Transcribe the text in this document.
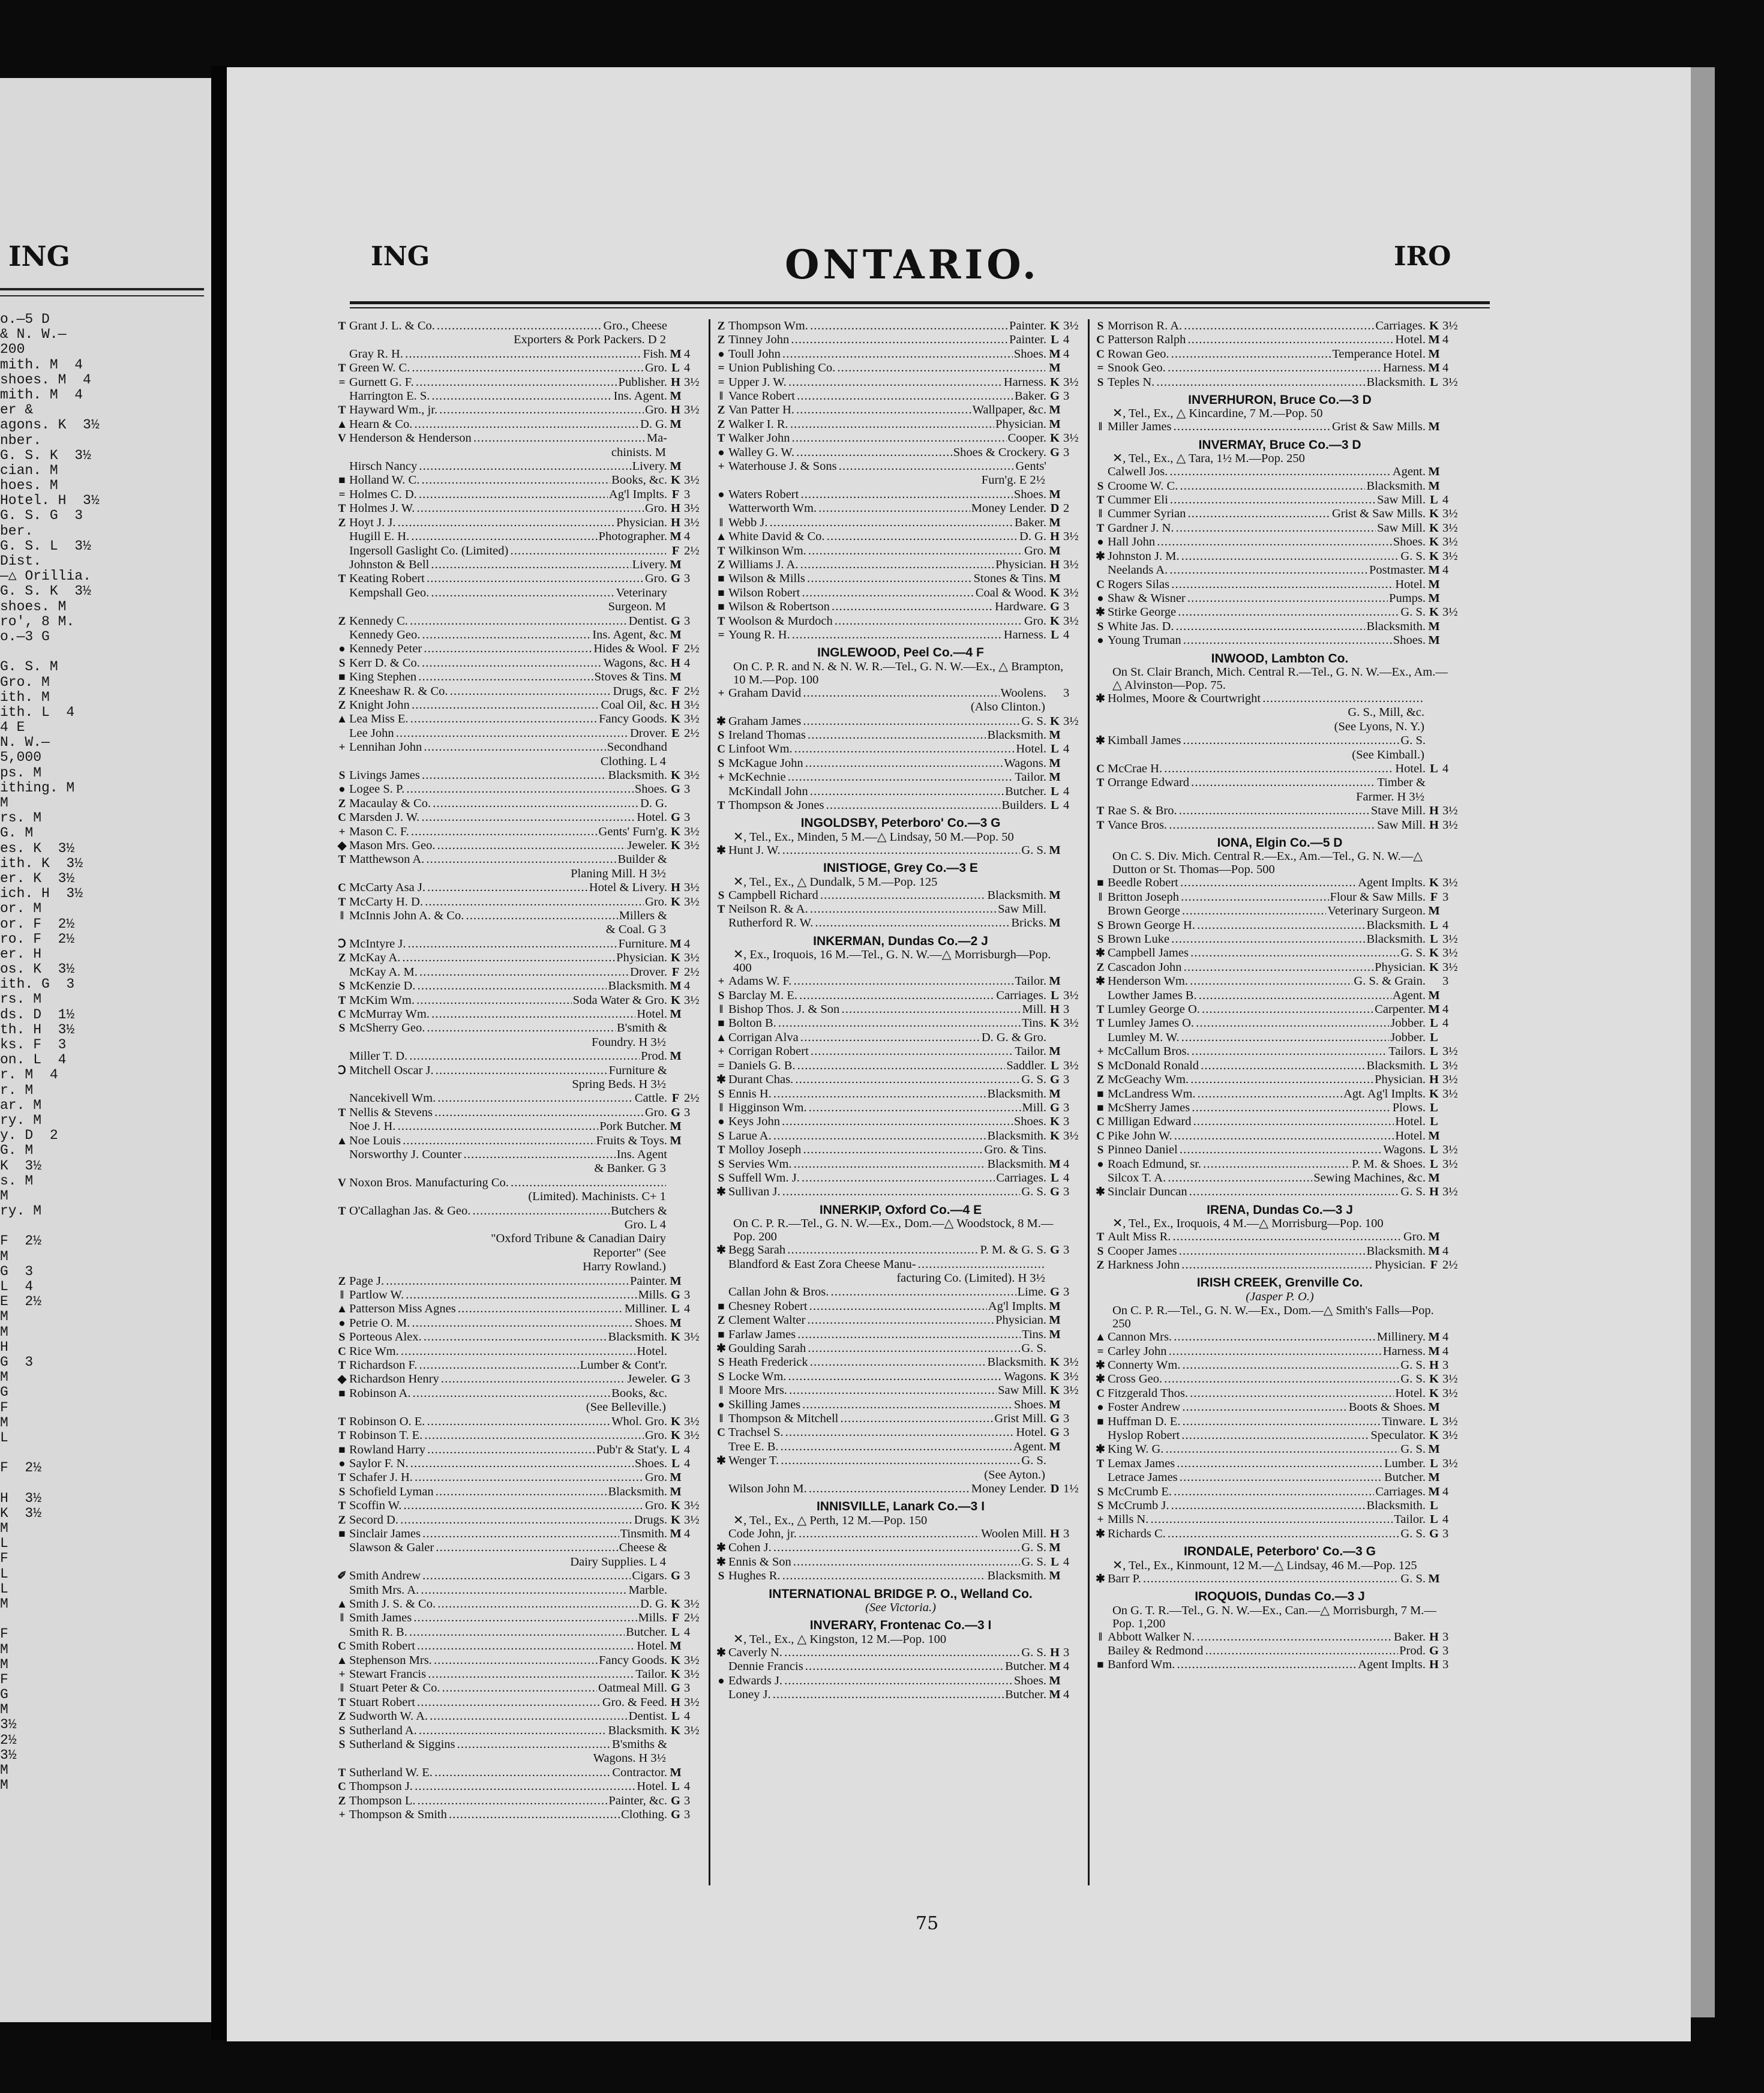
ING
o.—5 D
& N. W.—
200
mith. M  4
shoes. M  4
mith. M  4
er &
agons. K  3½
nber.
G. S. K  3½
cian. M
hoes. M
Hotel. H  3½
G. S. G  3
ber.
G. S. L  3½
Dist.
—△ Orillia.
G. S. K  3½
shoes. M
ro', 8 M.
o.—3 G
G. S. M
Gro. M
ith. M
ith. L  4
4 E
N. W.—
5,000
ps. M
ithing. M
M
rs. M
G. M
es. K  3½
ith. K  3½
er. K  3½
ich. H  3½
or. M
or. F  2½
ro. F  2½
er. H
os. K  3½
ith. G  3
rs. M
ds. D  1½
th. H  3½
ks. F  3
on. L  4
r. M  4
r. M
ar. M
ry. M
y. D  2
G. M
K  3½
s. M
M
ry. M
F  2½
M
G  3
L  4
E  2½
M
M
H
G  3
M
G
F
M
L
F  2½
H  3½
K  3½
M
L
F
L
L
M
F
M
M
F
G
M
3½
2½
3½
M
M
ING	ONTARIO.	IRO
T Grant J. L. & Co. . . .	Gro., Cheese
Exporters & Pork Packers. D 2
Gray R. H. . . .	Fish. M 4
T Green W. C. . . .	Gro. L 4
= Gurnett G. F. . . .	Publisher. H 3½
Harrington E. S. . . .	Ins. Agent. M
T Hayward Wm., jr. . . .	Gro. H 3½
▲ Hearn & Co. . . .	D. G. M
V Henderson & Henderson . . .	Ma-
chinists. M
Hirsch Nancy . . .	Livery. M
■ Holland W. C. . . .	Books, &c. K 3½
= Holmes C. D. . . .	Ag'l Implts. F 3
T Holmes J. W. . . .	Gro. H 3½
Z Hoyt J. J. . . .	Physician. H 3½
Hugill E. H. . . .	Photographer. M 4
Ingersoll Gaslight Co. (Limited) . . .	F 2½
Johnston & Bell . . .	Livery. M
T Keating Robert . . .	Gro. G 3
Kempshall Geo. . . .	Veterinary
Surgeon. M
Z Kennedy C. . . .	Dentist. G 3
Kennedy Geo. . . .	Ins. Agent, &c. M
● Kennedy Peter . . .	Hides & Wool. F 2½
S Kerr D. & Co. . . .	Wagons, &c. H 4
■ King Stephen . . .	Stoves & Tins. M
Z Kneeshaw R. & Co. . . .	Drugs, &c. F 2½
Z Knight John . . .	Coal Oil, &c. H 3½
▲ Lea Miss E. . . .	Fancy Goods. K 3½
Lee John . . .	Drover. E 2½
+ Lennihan John . . .	Secondhand
Clothing. L 4
S Livings James . . .	Blacksmith. K 3½
● Logee S. P. . . .	Shoes. G 3
Z Macaulay & Co. . . .	D. G.
C Marsden J. W. . . .	Hotel. G 3
+ Mason C. F. . . .	Gents' Furn'g. K 3½
◆ Mason Mrs. Geo. . . .	Jeweler. K 3½
T Matthewson A. . . .	Builder &
Planing Mill. H 3½
C McCarty Asa J. . . .	Hotel & Livery. H 3½
T McCarty H. D. . . .	Gro. K 3½
‖ McInnis John A. & Co. . . .	Millers &
& Coal. G 3
Ↄ McIntyre J. . . .	Furniture. M 4
Z McKay A. . . .	Physician. K 3½
McKay A. M. . . .	Drover. F 2½
S McKenzie D. . . .	Blacksmith. M 4
T McKim Wm. . . .	Soda Water & Gro. K 3½
C McMurray Wm. . . .	Hotel. M
S McSherry Geo. . . .	B'smith &
Foundry. H 3½
Miller T. D. . . .	Prod. M
Ↄ Mitchell Oscar J. . . .	Furniture &
Spring Beds. H 3½
Nancekivell Wm. . . .	Cattle. F 2½
T Nellis & Stevens . . .	Gro. G 3
Noe J. H. . . .	Pork Butcher. M
▲ Noe Louis . . .	Fruits & Toys. M
Norsworthy J. Counter . . .	Ins. Agent
& Banker. G 3
V Noxon Bros. Manufacturing Co. . . .
(Limited). Machinists. C+ 1
T O'Callaghan Jas. & Geo. . . .	Butchers &
Gro. L 4
"Oxford Tribune & Canadian Dairy
Reporter" (See
Harry Rowland.)
Z Page J. . . .	Painter. M
‖ Partlow W. . . .	Mills. G 3
▲ Patterson Miss Agnes . . .	Milliner. L 4
● Petrie O. M. . . .	Shoes. M
S Porteous Alex. . . .	Blacksmith. K 3½
C Rice Wm. . . .	Hotel.
T Richardson F. . . .	Lumber & Cont'r.
◆ Richardson Henry . . .	Jeweler. G 3
■ Robinson A. . . .	Books, &c.
(See Belleville.)
T Robinson O. E. . . .	Whol. Gro. K 3½
T Robinson T. E. . . .	Gro. K 3½
■ Rowland Harry . . .	Pub'r & Stat'y. L 4
● Saylor F. N. . . .	Shoes. L 4
T Schafer J. H. . . .	Gro. M
S Schofield Lyman . . .	Blacksmith. M
T Scoffin W. . . .	Gro. K 3½
Z Secord D. . . .	Drugs. K 3½
■ Sinclair James . . .	Tinsmith. M 4
Slawson & Galer . . .	Cheese &
Dairy Supplies. L 4
✐ Smith Andrew . . .	Cigars. G 3
Smith Mrs. A. . . .	Marble.
▲ Smith J. S. & Co. . . .	D. G. K 3½
‖ Smith James . . .	Mills. F 2½
Smith R. B. . . .	Butcher. L 4
C Smith Robert . . .	Hotel. M
▲ Stephenson Mrs. . . .	Fancy Goods. K 3½
+ Stewart Francis . . .	Tailor. K 3½
‖ Stuart Peter & Co. . . .	Oatmeal Mill. G 3
T Stuart Robert . . .	Gro. & Feed. H 3½
Z Sudworth W. A. . . .	Dentist. L 4
S Sutherland A. . . .	Blacksmith. K 3½
S Sutherland & Siggins . . .	B'smiths &
Wagons. H 3½
T Sutherland W. E. . . .	Contractor. M
C Thompson J. . . .	Hotel. L 4
Z Thompson L. . . .	Painter, &c. G 3
+ Thompson & Smith . . .	Clothing. G 3
Z Thompson Wm. . . .	Painter. K 3½
Z Tinney John . . .	Painter. L 4
● Toull John . . .	Shoes. M 4
= Union Publishing Co. . . .	M
= Upper J. W. . . .	Harness. K 3½
‖ Vance Robert . . .	Baker. G 3
Z Van Patter H. . . .	Wallpaper, &c. M
Z Walker I. R. . . .	Physician. M
T Walker John . . .	Cooper. K 3½
● Walley G. W. . . .	Shoes & Crockery. G 3
+ Waterhouse J. & Sons . . .	Gents'
Furn'g. E 2½
● Waters Robert . . .	Shoes. M
Watterworth Wm. . . .	Money Lender. D 2
‖ Webb J. . . .	Baker. M
▲ White David & Co. . . .	D. G. H 3½
T Wilkinson Wm. . . .	Gro. M
Z Williams J. A. . . .	Physician. H 3½
■ Wilson & Mills . . .	Stones & Tins. M
■ Wilson Robert . . .	Coal & Wood. K 3½
■ Wilson & Robertson . . .	Hardware. G 3
T Woolson & Murdoch . . .	Gro. K 3½
= Young R. H. . . .	Harness. L 4
INGLEWOOD, Peel Co.—4 F
On C. P. R. and N. & N. W. R.—Tel., G. N. W.—Ex., △ Brampton, 10 M.—Pop. 100
+ Graham David . . .	Woolens. 3
(Also Clinton.)
✱ Graham James . . .	G. S. K 3½
S Ireland Thomas . . .	Blacksmith. M
C Linfoot Wm. . . .	Hotel. L 4
S McKague John . . .	Wagons. M
+ McKechnie . . .	Tailor. M
McKindall John . . .	Butcher. L 4
T Thompson & Jones . . .	Builders. L 4
INGOLDSBY, Peterboro' Co.—3 G
✕, Tel., Ex., Minden, 5 M.—△ Lindsay, 50 M.—Pop. 50
✱ Hunt J. W. . . .	G. S. M
INISTIOGE, Grey Co.—3 E
✕, Tel., Ex., △ Dundalk, 5 M.—Pop. 125
S Campbell Richard . . .	Blacksmith. M
T Neilson R. & A. . . .	Saw Mill.
Rutherford R. W. . . .	Bricks. M
INKERMAN, Dundas Co.—2 J
✕, Ex., Iroquois, 16 M.—Tel., G. N. W.—△ Morrisburgh—Pop. 400
+ Adams W. F. . . .	Tailor. M
S Barclay M. E. . . .	Carriages. L 3½
‖ Bishop Thos. J. & Son . . .	Mill. H 3
■ Bolton B. . . .	Tins. K 3½
▲ Corrigan Alva . . .	D. G. & Gro.
+ Corrigan Robert . . .	Tailor. M
= Daniels G. B. . . .	Saddler. L 3½
✱ Durant Chas. . . .	G. S. G 3
S Ennis H. . . .	Blacksmith. M
‖ Higginson Wm. . . .	Mill. G 3
● Keys John . . .	Shoes. K 3
S Larue A. . . .	Blacksmith. K 3½
T Molloy Joseph . . .	Gro. & Tins.
S Servies Wm. . . .	Blacksmith. M 4
S Suffell Wm. J. . . .	Carriages. L 4
✱ Sullivan J. . . .	G. S. G 3
INNERKIP, Oxford Co.—4 E
On C. P. R.—Tel., G. N. W.—Ex., Dom.—△ Woodstock, 8 M.—Pop. 200
✱ Begg Sarah . . .	P. M. & G. S. G 3
Blandford & East Zora Cheese Manu- . . .
facturing Co. (Limited). H 3½
Callan John & Bros. . . .	Lime. G 3
■ Chesney Robert . . .	Ag'l Implts. M
Z Clement Walter . . .	Physician. M
■ Farlaw James . . .	Tins. M
✱ Goulding Sarah . . .	G. S.
S Heath Frederick . . .	Blacksmith. K 3½
S Locke Wm. . . .	Wagons. K 3½
‖ Moore Mrs. . . .	Saw Mill. K 3½
● Skilling James . . .	Shoes. M
‖ Thompson & Mitchell . . .	Grist Mill. G 3
C Trachsel S. . . .	Hotel. G 3
Tree E. B. . . .	Agent. M
✱ Wenger T. . . .	G. S.
(See Ayton.)
Wilson John M. . . .	Money Lender. D 1½
INNISVILLE, Lanark Co.—3 I
✕, Tel., Ex., △ Perth, 12 M.—Pop. 150
Code John, jr. . . .	Woolen Mill. H 3
✱ Cohen J. . . .	G. S. M
✱ Ennis & Son . . .	G. S. L 4
S Hughes R. . . .	Blacksmith. M
INTERNATIONAL BRIDGE P. O., Welland Co.
(See Victoria.)
INVERARY, Frontenac Co.—3 I
✕, Tel., Ex., △ Kingston, 12 M.—Pop. 100
✱ Caverly N. . . .	G. S. H 3
Dennie Francis . . .	Butcher. M 4
● Edwards J. . . .	Shoes. M
Loney J. . . .	Butcher. M 4
S Morrison R. A. . . .	Carriages. K 3½
C Patterson Ralph . . .	Hotel. M 4
C Rowan Geo. . . .	Temperance Hotel. M
= Snook Geo. . . .	Harness. M 4
S Teples N. . . .	Blacksmith. L 3½
INVERHURON, Bruce Co.—3 D
✕, Tel., Ex., △ Kincardine, 7 M.—Pop. 50
‖ Miller James . . .	Grist & Saw Mills. M
INVERMAY, Bruce Co.—3 D
✕, Tel., Ex., △ Tara, 1½ M.—Pop. 250
Calwell Jos. . . .	Agent. M
S Croome W. C. . . .	Blacksmith. M
T Cummer Eli . . .	Saw Mill. L 4
‖ Cummer Syrian . . .	Grist & Saw Mills. K 3½
T Gardner J. N. . . .	Saw Mill. K 3½
● Hall John . . .	Shoes. K 3½
✱ Johnston J. M. . . .	G. S. K 3½
Neelands A. . . .	Postmaster. M 4
C Rogers Silas . . .	Hotel. M
● Shaw & Wisner . . .	Pumps. M
✱ Stirke George . . .	G. S. K 3½
S White Jas. D. . . .	Blacksmith. M
● Young Truman . . .	Shoes. M
INWOOD, Lambton Co.
On St. Clair Branch, Mich. Central R.—Tel., G. N. W.—Ex., Am.—△ Alvinston—Pop. 75.
✱ Holmes, Moore & Courtwright . . .
G. S., Mill, &c.
(See Lyons, N. Y.)
✱ Kimball James . . .	G. S.
(See Kimball.)
C McCrae H. . . .	Hotel. L 4
T Orrange Edward . . .	Timber &
Farmer. H 3½
T Rae S. & Bro. . . .	Stave Mill. H 3½
T Vance Bros. . . .	Saw Mill. H 3½
IONA, Elgin Co.—5 D
On C. S. Div. Mich. Central R.—Ex., Am.—Tel., G. N. W.—△ Dutton or St. Thomas—Pop. 500
■ Beedle Robert . . .	Agent Implts. K 3½
‖ Britton Joseph . . .	Flour & Saw Mills. F 3
Brown George . . .	Veterinary Surgeon. M
S Brown George H. . . .	Blacksmith. L 4
S Brown Luke . . .	Blacksmith. L 3½
✱ Campbell James . . .	G. S. K 3½
Z Cascadon John . . .	Physician. K 3½
✱ Henderson Wm. . . .	G. S. & Grain. 3
Lowther James B. . . .	Agent. M
T Lumley George O. . . .	Carpenter. M 4
T Lumley James O. . . .	Jobber. L 4
Lumley M. W. . . .	Jobber. L
+ McCallum Bros. . . .	Tailors. L 3½
S McDonald Ronald . . .	Blacksmith. L 3½
Z McGeachy Wm. . . .	Physician. H 3½
■ McLandress Wm. . . .	Agt. Ag'l Implts. K 3½
■ McSherry James . . .	Plows. L
C Milligan Edward . . .	Hotel. L
C Pike John W. . . .	Hotel. M
S Pinneo Daniel . . .	Wagons. L 3½
● Roach Edmund, sr. . . .	P. M. & Shoes. L 3½
Silcox T. A. . . .	Sewing Machines, &c. M
✱ Sinclair Duncan . . .	G. S. H 3½
IRENA, Dundas Co.—3 J
✕, Tel., Ex., Iroquois, 4 M.—△ Morrisburg—Pop. 100
T Ault Miss R. . . .	Gro. M
S Cooper James . . .	Blacksmith. M 4
Z Harkness John . . .	Physician. F 2½
IRISH CREEK, Grenville Co.
(Jasper P. O.)
On C. P. R.—Tel., G. N. W.—Ex., Dom.—△ Smith's Falls—Pop. 250
▲ Cannon Mrs. . . .	Millinery. M 4
= Carley John . . .	Harness. M 4
✱ Connerty Wm. . . .	G. S. H 3
✱ Cross Geo. . . .	G. S. K 3½
C Fitzgerald Thos. . . .	Hotel. K 3½
● Foster Andrew . . .	Boots & Shoes. M
■ Huffman D. E. . . .	Tinware. L 3½
Hyslop Robert . . .	Speculator. K 3½
✱ King W. G. . . .	G. S. M
T Lemax James . . .	Lumber. L 3½
Letrace James . . .	Butcher. M
S McCrumb E. . . .	Carriages. M 4
S McCrumb J. . . .	Blacksmith. L
+ Mills N. . . .	Tailor. L 4
✱ Richards C. . . .	G. S. G 3
IRONDALE, Peterboro' Co.—3 G
✕, Tel., Ex., Kinmount, 12 M.—△ Lindsay, 46 M.—Pop. 125
✱ Barr P. . . .	G. S. M
IROQUOIS, Dundas Co.—3 J
On G. T. R.—Tel., G. N. W.—Ex., Can.—△ Morrisburgh, 7 M.—Pop. 1,200
‖ Abbott Walker N. . . .	Baker. H 3
Bailey & Redmond . . .	Prod. G 3
■ Banford Wm. . . .	Agent Implts. H 3
75
